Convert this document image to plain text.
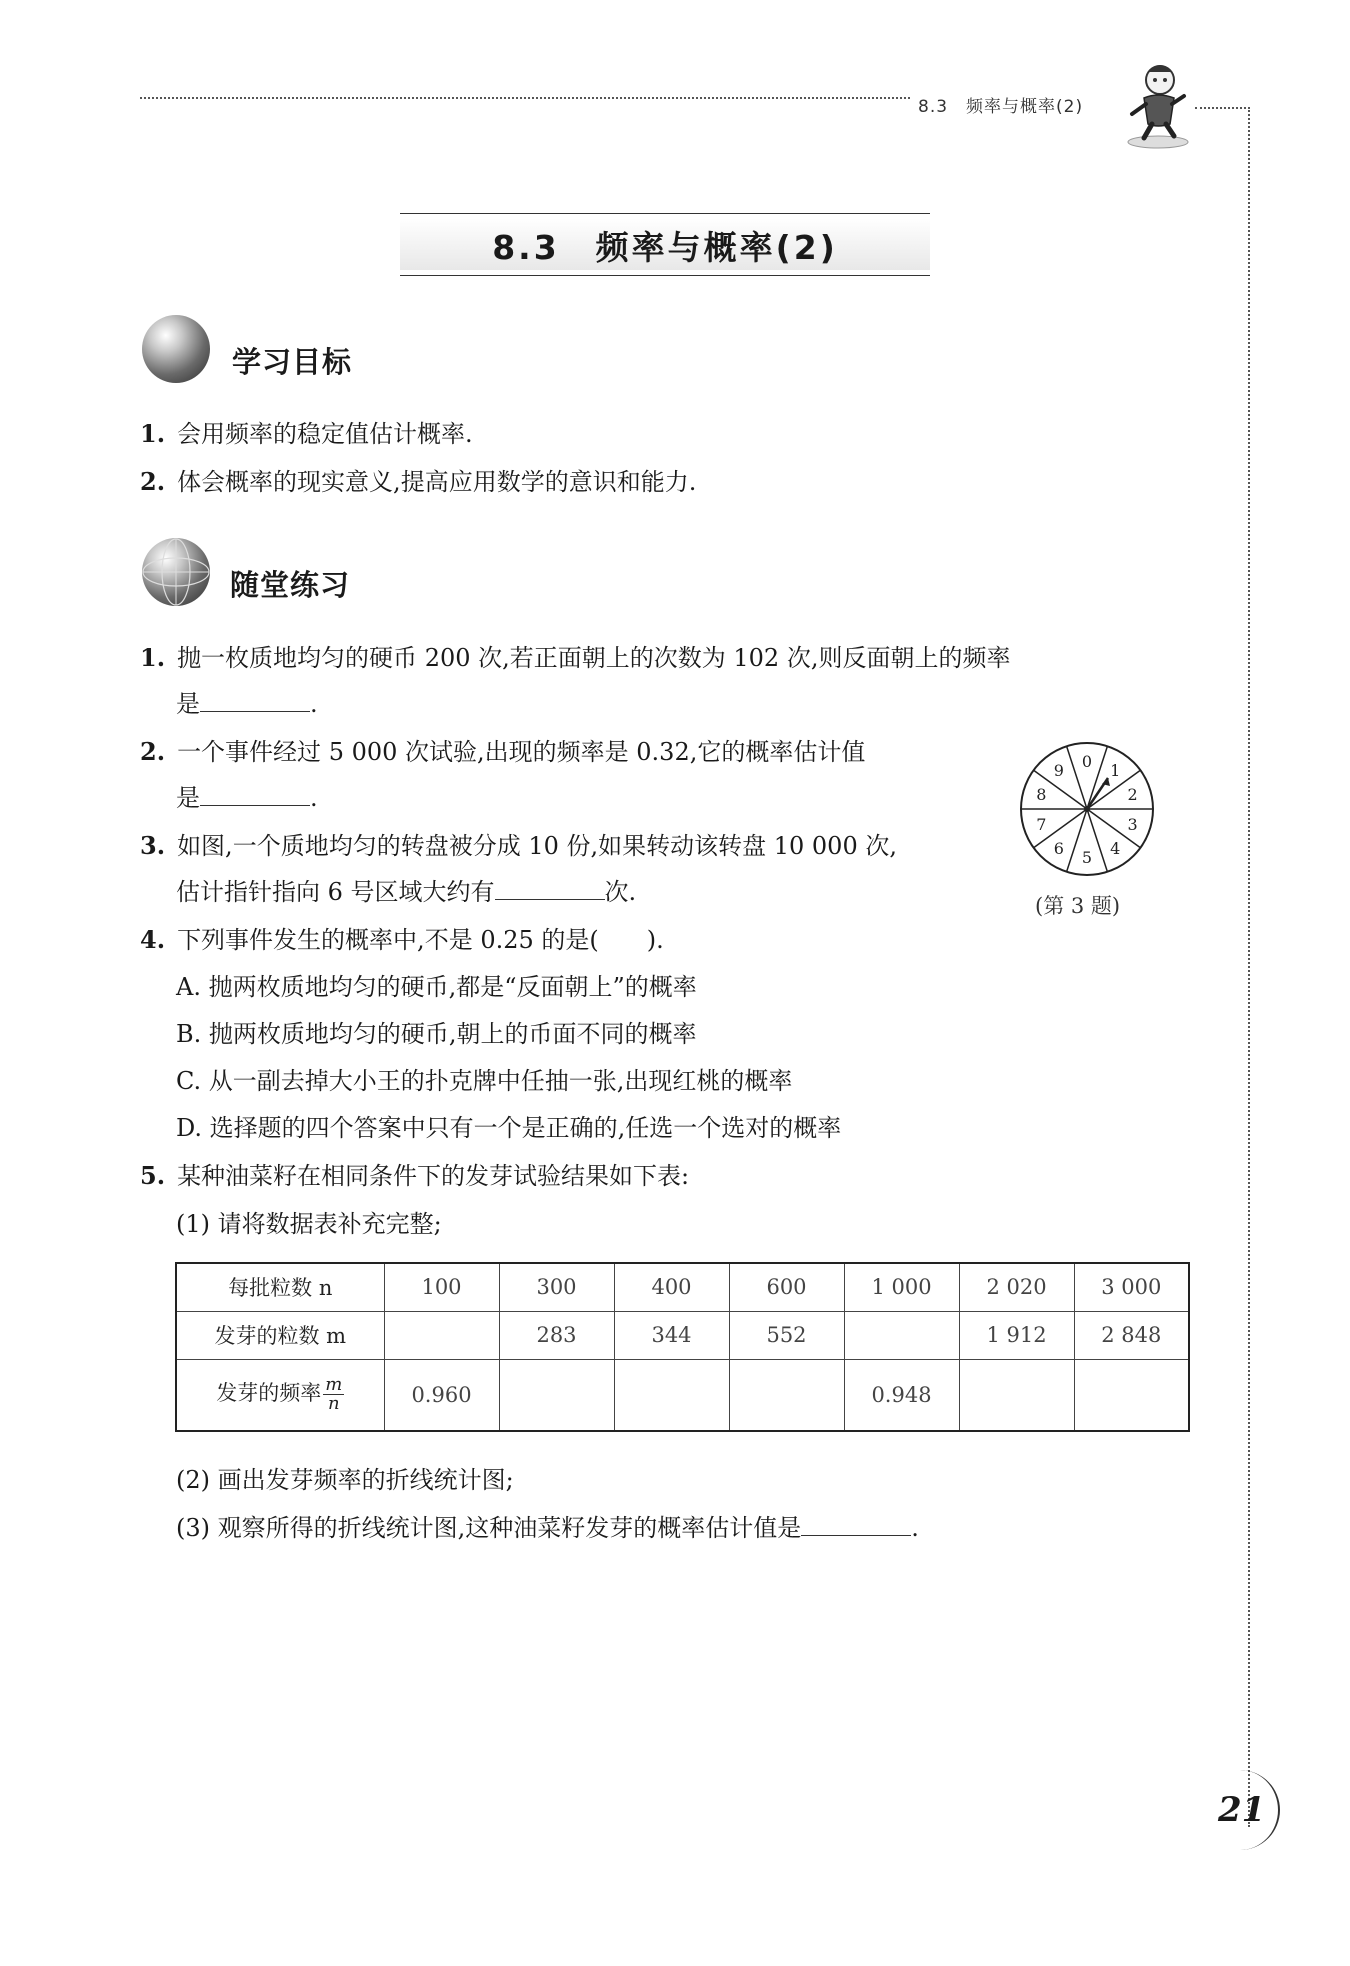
8.3　频率与概率(2)
8.3　频率与概率(2)
学习目标
1. 会用频率的稳定值估计概率.
2. 体会概率的现实意义,提高应用数学的意识和能力.
随堂练习
1. 抛一枚质地均匀的硬币 200 次,若正面朝上的次数为 102 次,则反面朝上的频率
是	.
2. 一个事件经过 5 000 次试验,出现的频率是 0.32,它的概率估计值
是	.
3. 如图,一个质地均匀的转盘被分成 10 份,如果转动该转盘 10 000 次,
估计指针指向 6 号区域大约有	次.
0 1
2
3
4
5
6
7
8
9
(第 3 题)
4. 下列事件发生的概率中,不是 0.25 的是(　　).
A. 抛两枚质地均匀的硬币,都是“反面朝上”的概率
B. 抛两枚质地均匀的硬币,朝上的币面不同的概率
C. 从一副去掉大小王的扑克牌中任抽一张,出现红桃的概率
D. 选择题的四个答案中只有一个是正确的,任选一个选对的概率
5. 某种油菜籽在相同条件下的发芽试验结果如下表:
(1) 请将数据表补充完整;
每批粒数 n	100	300	400	600	1 000	2 020	3 000
发芽的粒数 m		283	344	552		1 912	2 848
发芽的频率 $\frac{m}{n}$	0.960				0.948		
(2) 画出发芽频率的折线统计图;
(3) 观察所得的折线统计图,这种油菜籽发芽的概率估计值是	.
21
